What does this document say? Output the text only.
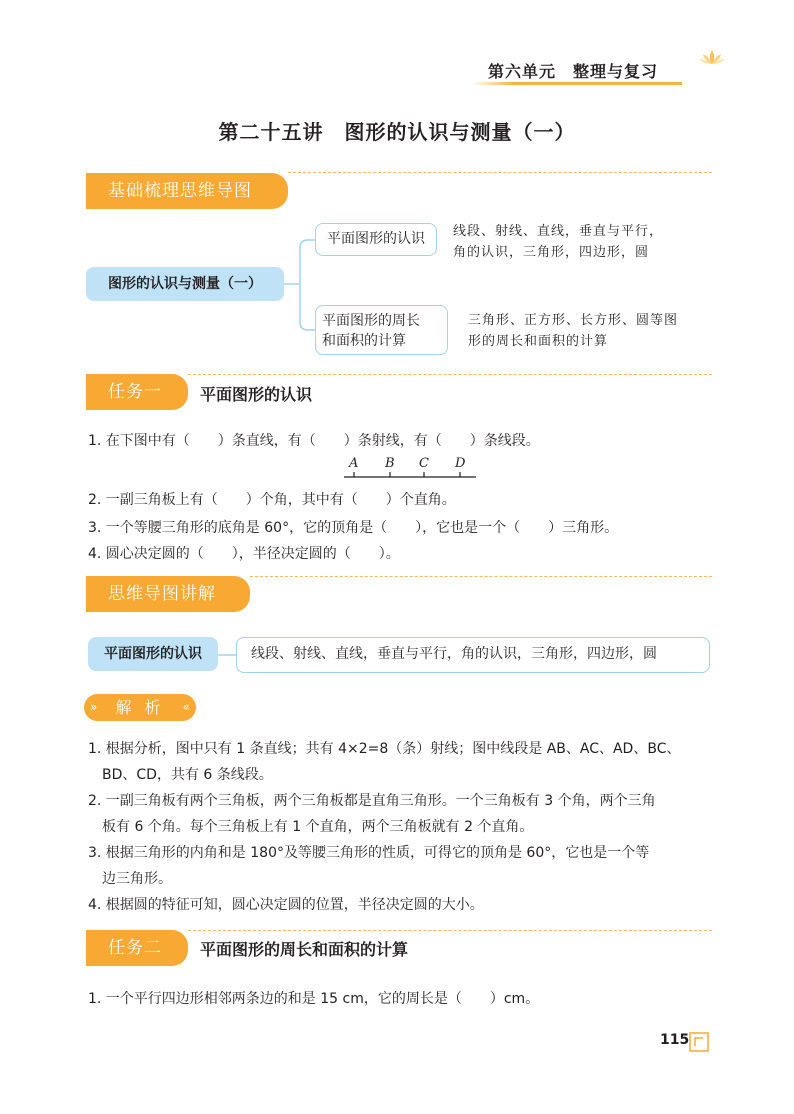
第六单元　整理与复习
第二十五讲　图形的认识与测量（一）
基础梳理思维导图
图形的认识与测量（一）
平面图形的认识	线段、射线、直线，垂直与平行，
角的认识，三角形，四边形，圆
平面图形的周长
和面积的计算
三角形、正方形、长方形、圆等图
形的周长和面积的计算
任务一	平面图形的认识
1. 在下图中有（　　）条直线，有（　　）条射线，有（　　）条线段。
A B C D
2. 一副三角板上有（　　）个角，其中有（　　）个直角。
3. 一个等腰三角形的底角是 60°，它的顶角是（　　），它也是一个（　　）三角形。
4. 圆心决定圆的（　　），半径决定圆的（　　）。
思维导图讲解
平面图形的认识	线段、射线、直线，垂直与平行，角的认识，三角形，四边形，圆
» 解 析 «
1. 根据分析，图中只有 1 条直线；共有 4×2=8（条）射线；图中线段是 AB、AC、AD、BC、
BD、CD，共有 6 条线段。
2. 一副三角板有两个三角板，两个三角板都是直角三角形。一个三角板有 3 个角，两个三角
板有 6 个角。每个三角板上有 1 个直角，两个三角板就有 2 个直角。
3. 根据三角形的内角和是 180°及等腰三角形的性质，可得它的顶角是 60°，它也是一个等
边三角形。
4. 根据圆的特征可知，圆心决定圆的位置，半径决定圆的大小。
任务二	平面图形的周长和面积的计算
1. 一个平行四边形相邻两条边的和是 15 cm，它的周长是（　　）cm。
115
